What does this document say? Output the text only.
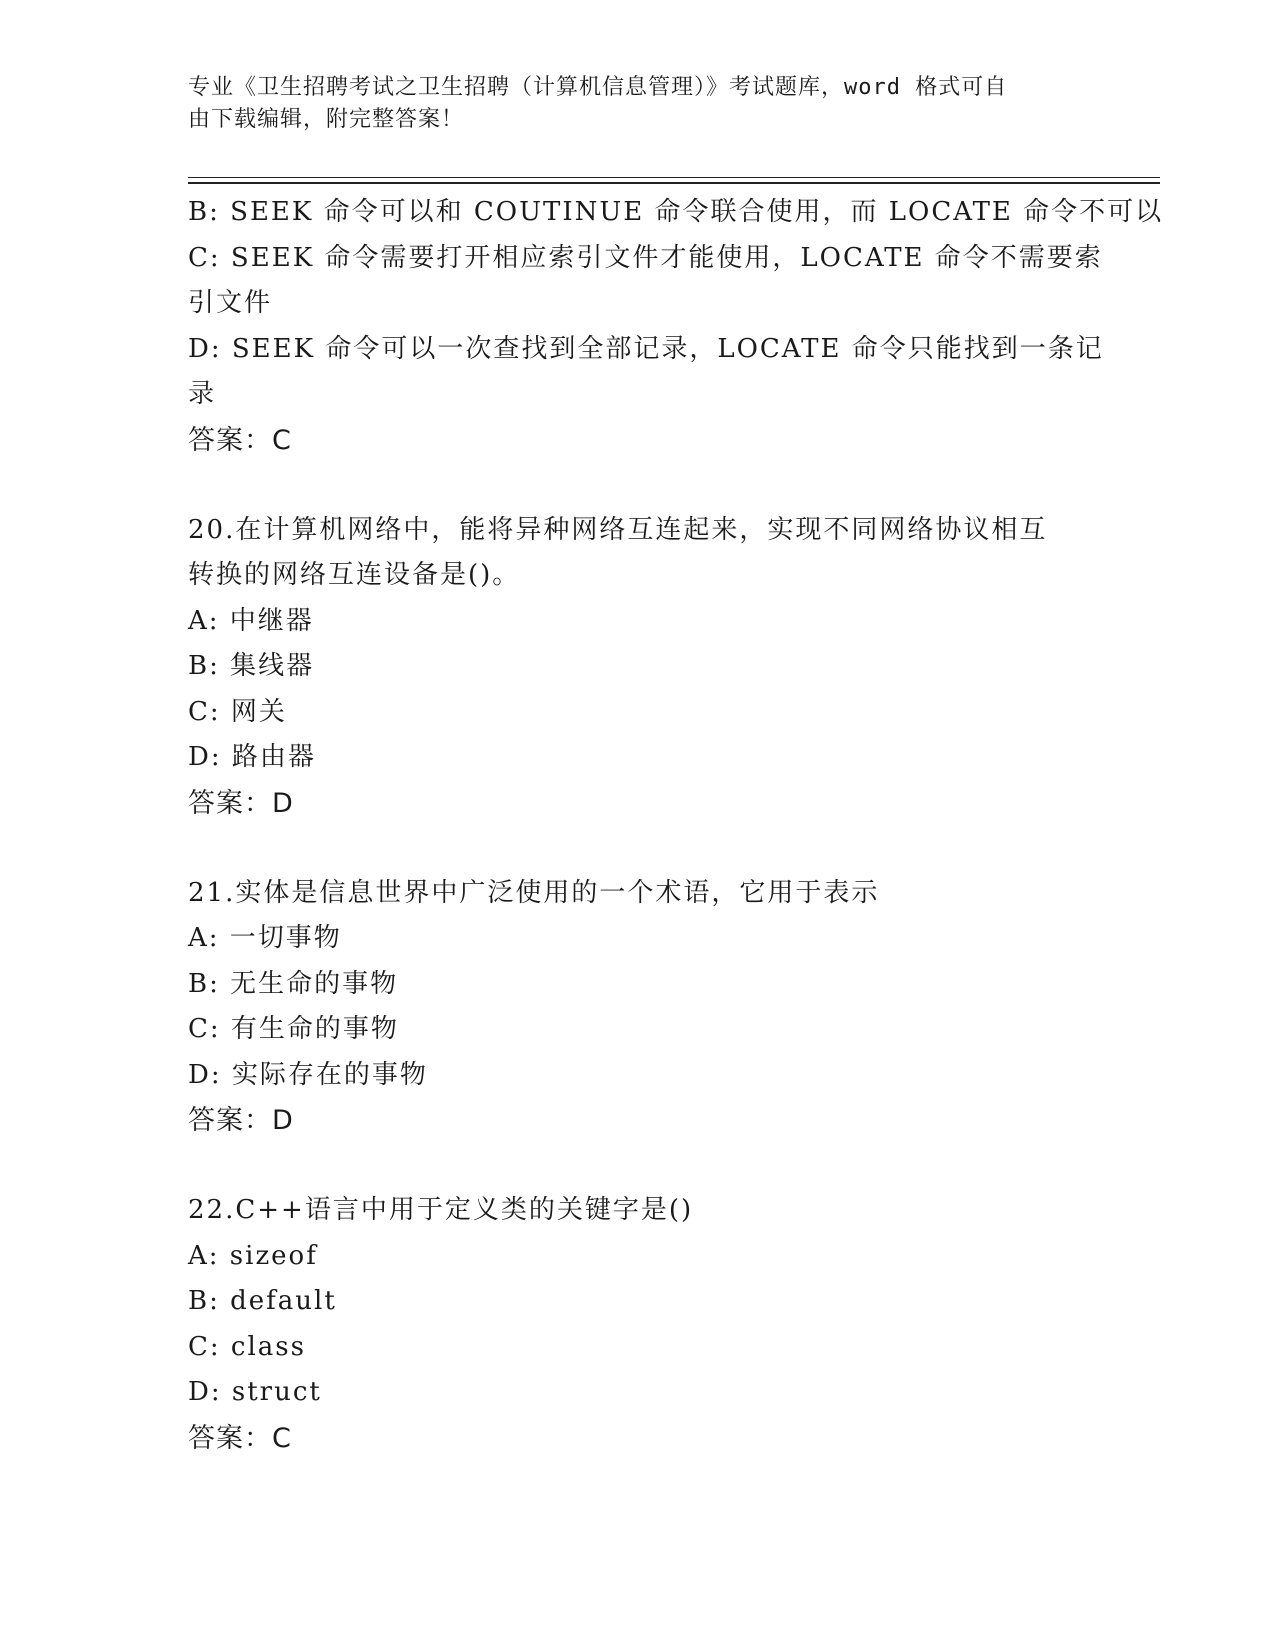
专业《卫生招聘考试之卫生招聘（计算机信息管理）》考试题库，word 格式可自
由下载编辑，附完整答案！
B: SEEK 命令可以和 COUTINUE 命令联合使用，而 LOCATE 命令不可以
C: SEEK 命令需要打开相应索引文件才能使用，LOCATE 命令不需要索
引文件
D: SEEK 命令可以一次查找到全部记录，LOCATE 命令只能找到一条记
录
答案：C
20.在计算机网络中，能将异种网络互连起来，实现不同网络协议相互
转换的网络互连设备是()。
A: 中继器
B: 集线器
C: 网关
D: 路由器
答案：D
21.实体是信息世界中广泛使用的一个术语，它用于表示
A: 一切事物
B: 无生命的事物
C: 有生命的事物
D: 实际存在的事物
答案：D
22.C++语言中用于定义类的关键字是()
A: sizeof
B: default
C: class
D: struct
答案：C
